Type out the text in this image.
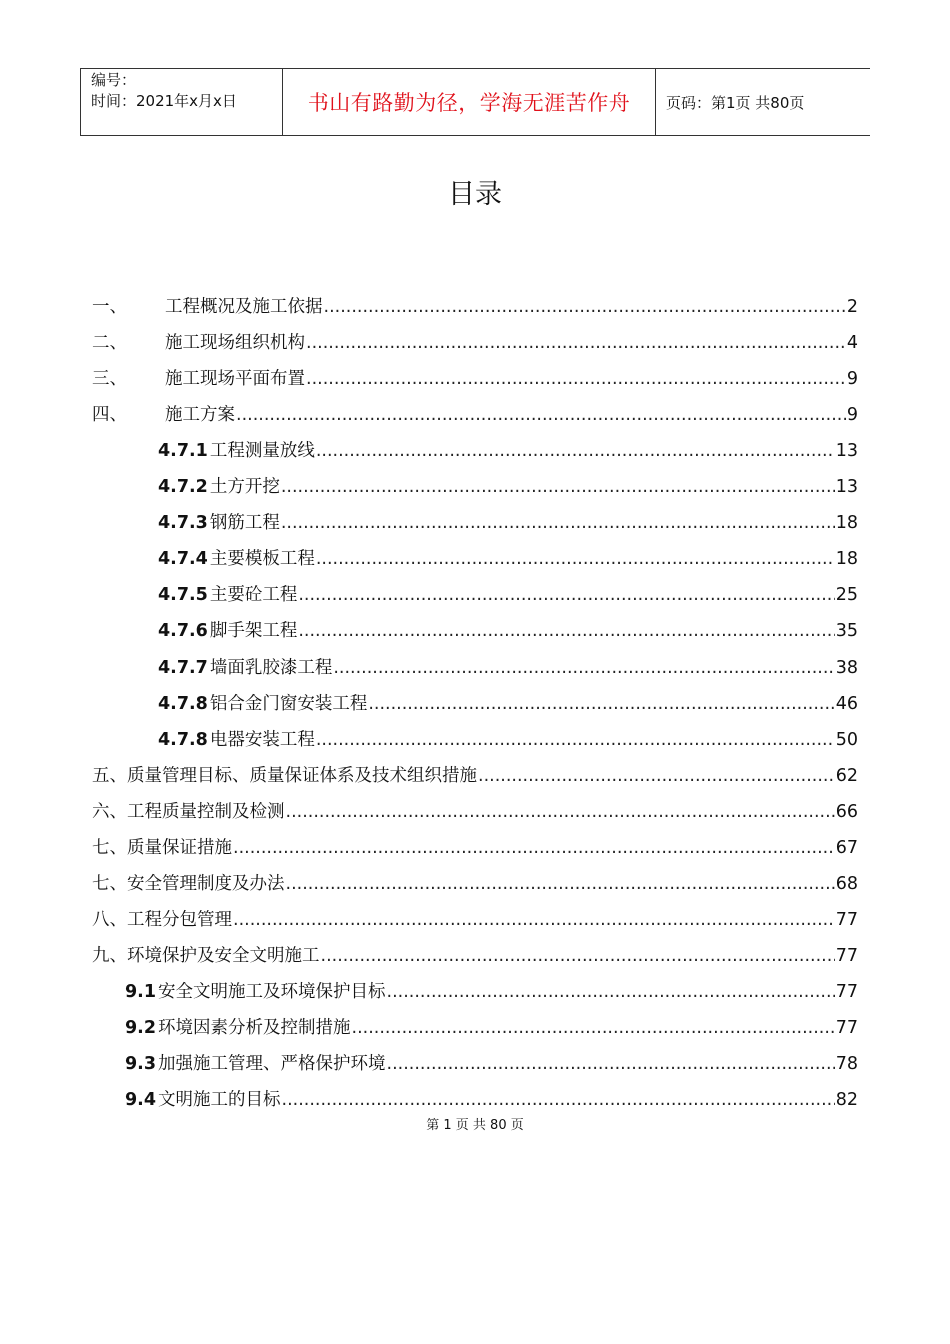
编号：
时间：2021年x月x日	书山有路勤为径，学海无涯苦作舟	页码：第1页 共80页
目录
一、 工程概况及施工依据 .....	2
二、 施工现场组织机构 .....	4
三、 施工现场平面布置 .....	9
四、 施工方案 .....	9
4.7.1 工程测量放线 .....	13
4.7.2 土方开挖 .....	13
4.7.3 钢筋工程 .....	18
4.7.4 主要模板工程 .....	18
4.7.5 主要砼工程 .....	25
4.7.6 脚手架工程 .....	35
4.7.7 墙面乳胶漆工程 .....	38
4.7.8 铝合金门窗安装工程 .....	46
4.7.8 电器安装工程 .....	50
五、 质量管理目标、质量保证体系及技术组织措施 .....	62
六、 工程质量控制及检测 .....	66
七、 质量保证措施 .....	67
七、 安全管理制度及办法 .....	68
八、 工程分包管理 .....	77
九、 环境保护及安全文明施工 .....	77
9.1 安全文明施工及环境保护目标 .....	77
9.2 环境因素分析及控制措施 .....	77
9.3 加强施工管理、严格保护环境 .....	78
9.4 文明施工的目标 .....	82
第 1 页 共 80 页
